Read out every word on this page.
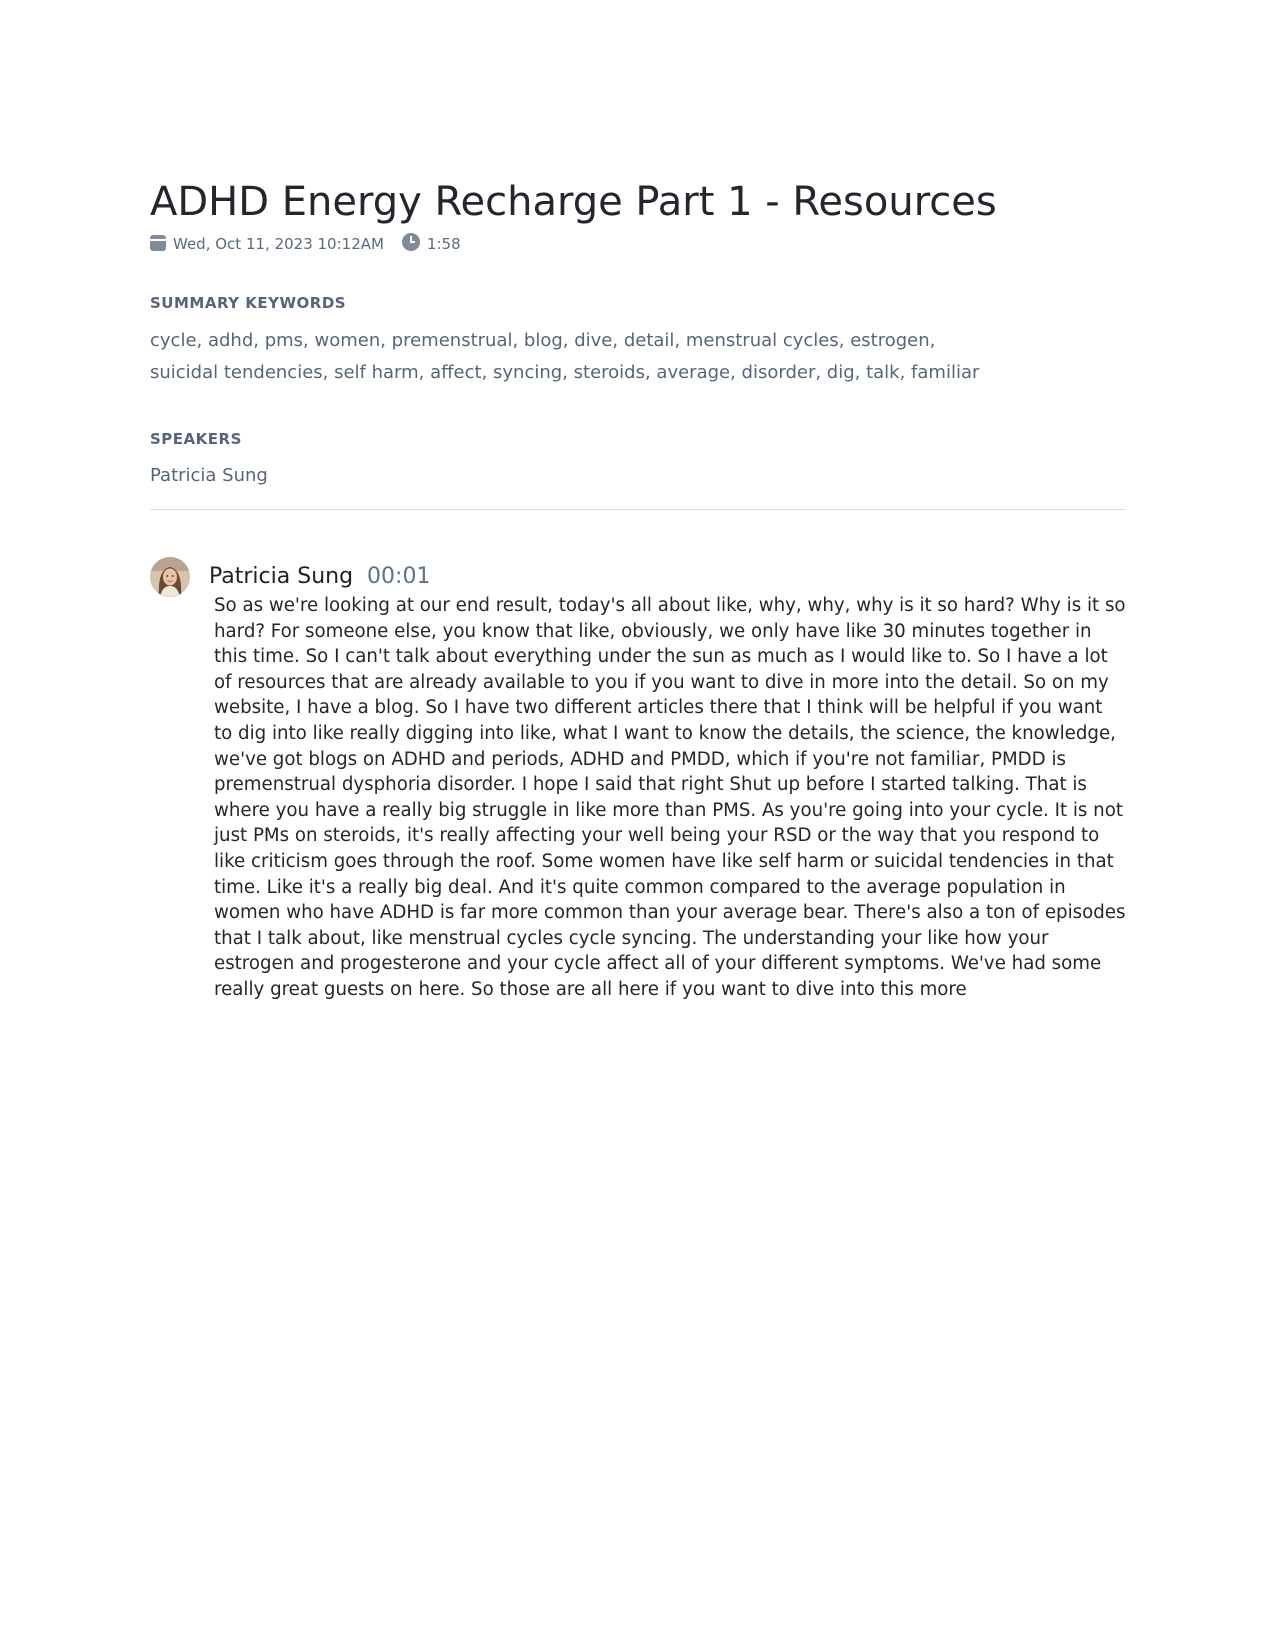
ADHD Energy Recharge Part 1 - Resources
Wed, Oct 11, 2023 10:12AM	1:58
SUMMARY KEYWORDS
cycle, adhd, pms, women, premenstrual, blog, dive, detail, menstrual cycles, estrogen, suicidal tendencies, self harm, affect, syncing, steroids, average, disorder, dig, talk, familiar
SPEAKERS
Patricia Sung
Patricia Sung 00:01
So as we're looking at our end result, today's all about like, why, why, why is it so hard? Why is it so hard? For someone else, you know that like, obviously, we only have like 30 minutes together in this time. So I can't talk about everything under the sun as much as I would like to. So I have a lot of resources that are already available to you if you want to dive in more into the detail. So on my website, I have a blog. So I have two different articles there that I think will be helpful if you want to dig into like really digging into like, what I want to know the details, the science, the knowledge, we've got blogs on ADHD and periods, ADHD and PMDD, which if you're not familiar, PMDD is premenstrual dysphoria disorder. I hope I said that right Shut up before I started talking. That is where you have a really big struggle in like more than PMS. As you're going into your cycle. It is not just PMs on steroids, it's really affecting your well being your RSD or the way that you respond to like criticism goes through the roof. Some women have like self harm or suicidal tendencies in that time. Like it's a really big deal. And it's quite common compared to the average population in women who have ADHD is far more common than your average bear. There's also a ton of episodes that I talk about, like menstrual cycles cycle syncing. The understanding your like how your estrogen and progesterone and your cycle affect all of your different symptoms. We've had some really great guests on here. So those are all here if you want to dive into this more
